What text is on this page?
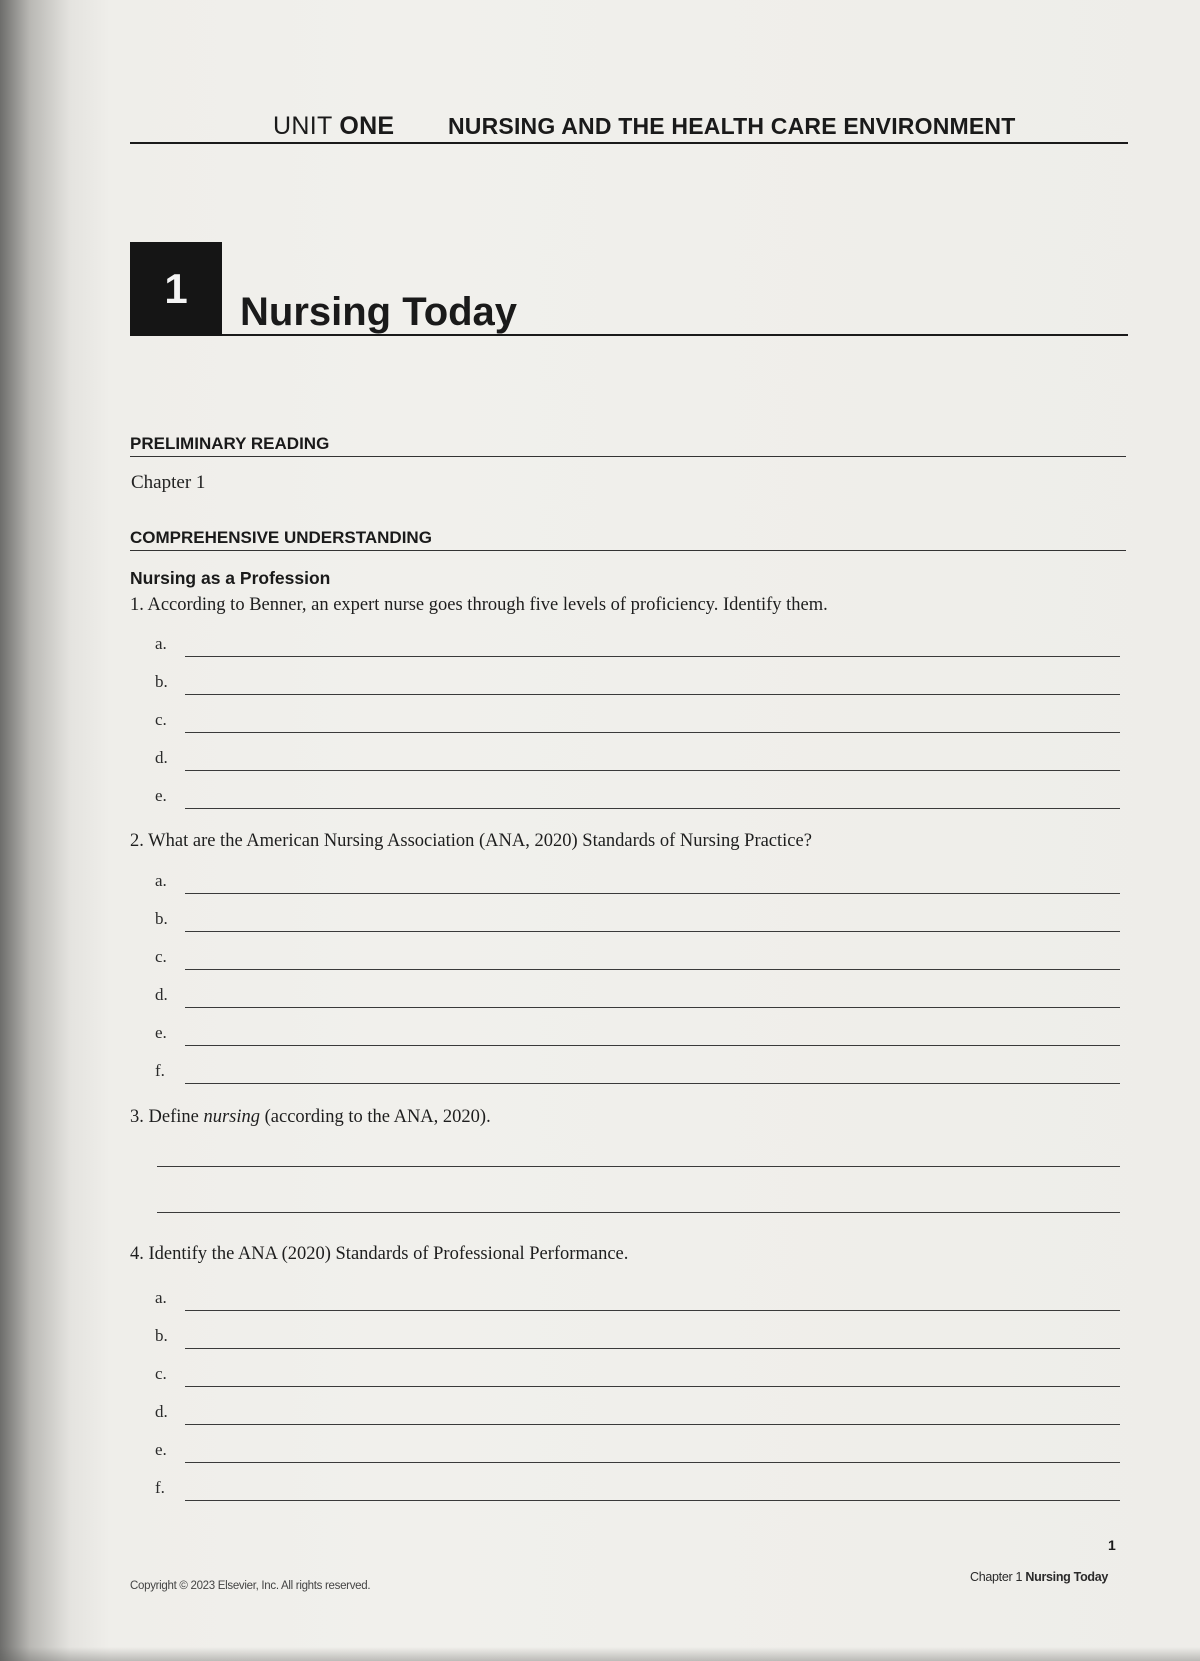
UNIT ONE NURSING AND THE HEALTH CARE ENVIRONMENT
1	Nursing Today
PRELIMINARY READING
Chapter 1
COMPREHENSIVE UNDERSTANDING
Nursing as a Profession
1. According to Benner, an expert nurse goes through five levels of proficiency. Identify them.
a.
b.
c.
d.
e.
2. What are the American Nursing Association (ANA, 2020) Standards of Nursing Practice?
a.
b.
c.
d.
e.
f.
3. Define nursing (according to the ANA, 2020).
4. Identify the ANA (2020) Standards of Professional Performance.
a.
b.
c.
d.
e.
f.
1
Copyright © 2023 Elsevier, Inc. All rights reserved.
Chapter 1 Nursing Today
